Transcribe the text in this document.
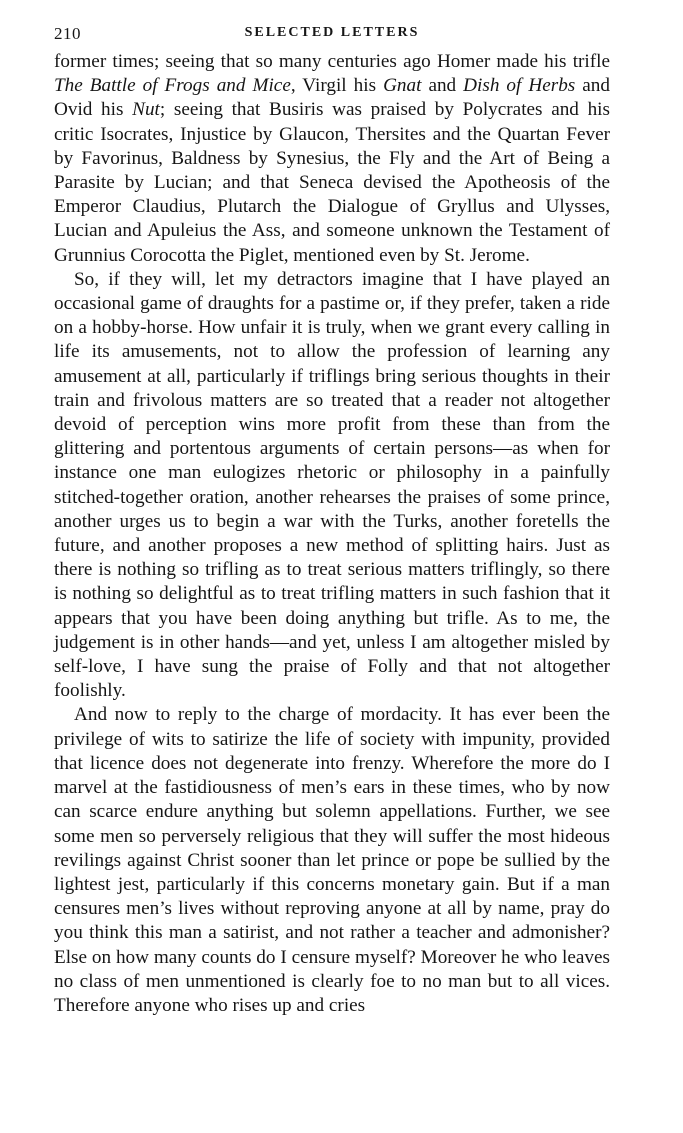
210	SELECTED LETTERS

former times; seeing that so many centuries ago Homer made his trifle The Battle of Frogs and Mice, Virgil his Gnat and Dish of Herbs and Ovid his Nut; seeing that Busiris was praised by Polycrates and his critic Isocrates, Injustice by Glaucon, Thersites and the Quartan Fever by Favorinus, Baldness by Synesius, the Fly and the Art of Being a Parasite by Lucian; and that Seneca devised the Apotheosis of the Emperor Claudius, Plutarch the Dialogue of Gryllus and Ulysses, Lucian and Apuleius the Ass, and someone unknown the Testament of Grunnius Corocotta the Piglet, mentioned even by St. Jerome.

So, if they will, let my detractors imagine that I have played an occasional game of draughts for a pastime or, if they prefer, taken a ride on a hobby-horse. How unfair it is truly, when we grant every calling in life its amusements, not to allow the profession of learning any amusement at all, particularly if triflings bring serious thoughts in their train and frivolous matters are so treated that a reader not altogether devoid of perception wins more profit from these than from the glittering and portentous arguments of certain persons—as when for instance one man eulogizes rhetoric or philosophy in a painfully stitched-together oration, another rehearses the praises of some prince, another urges us to begin a war with the Turks, another foretells the future, and another proposes a new method of splitting hairs. Just as there is nothing so trifling as to treat serious matters triflingly, so there is nothing so delightful as to treat trifling matters in such fashion that it appears that you have been doing anything but trifle. As to me, the judgement is in other hands—and yet, unless I am altogether misled by self-love, I have sung the praise of Folly and that not altogether foolishly.

And now to reply to the charge of mordacity. It has ever been the privilege of wits to satirize the life of society with impunity, provided that licence does not degenerate into frenzy. Wherefore the more do I marvel at the fastidiousness of men’s ears in these times, who by now can scarce endure anything but solemn appellations. Further, we see some men so perversely religious that they will suffer the most hideous revilings against Christ sooner than let prince or pope be sullied by the lightest jest, particularly if this concerns monetary gain. But if a man censures men’s lives without reproving anyone at all by name, pray do you think this man a satirist, and not rather a teacher and admonisher? Else on how many counts do I censure myself? Moreover he who leaves no class of men unmentioned is clearly foe to no man but to all vices. Therefore anyone who rises up and cries
